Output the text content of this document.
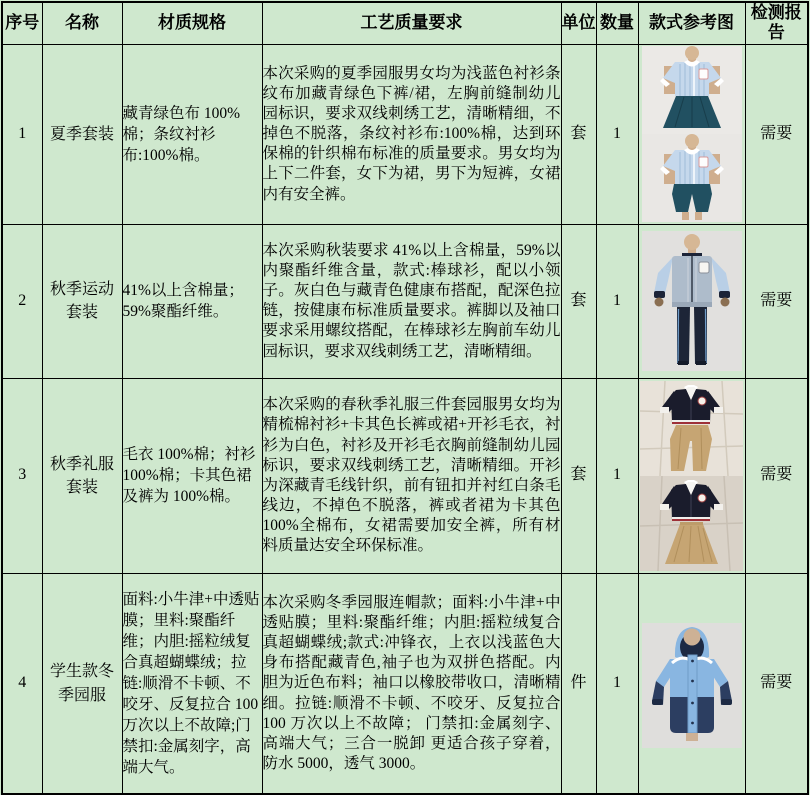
序号	名称	材质规格	工艺质量要求	单位	数量	款式参考图	检测报告
1	夏季套装	藏青绿色布 100%棉；条纹衬衫布:100%棉。	本次采购的夏季园服男女均为浅蓝色衬衫条纹布加藏青绿色下裤/裙，左胸前缝制幼儿园标识，要求双线刺绣工艺，清晰精细，不掉色不脱落，条纹衬衫布:100%棉，达到环保棉的针织棉布标准的质量要求。男女均为上下二件套，女下为裙，男下为短裤，女裙内有安全裤。	套	1		需要
2	秋季运动套装	41%以上含棉量；59%聚酯纤维。	本次采购秋装要求 41%以上含棉量，59%以内聚酯纤维含量，款式:棒球衫，配以小领子。灰白色与藏青色健康布搭配，配深色拉链，按健康布标准质量要求。裤脚以及袖口要求采用螺纹搭配，在棒球衫左胸前车幼儿园标识，要求双线刺绣工艺，清晰精细。	套	1		需要
3	秋季礼服套装	毛衣 100%棉；衬衫 100%棉；卡其色裙及裤为 100%棉。	本次采购的春秋季礼服三件套园服男女均为精梳棉衬衫+卡其色长裤或裙+开衫毛衣，衬衫为白色，衬衫及开衫毛衣胸前缝制幼儿园标识，要求双线刺绣工艺，清晰精细。开衫为深藏青毛线针织，前有钮扣并衬红白条毛线边，不掉色不脱落，裤或者裙为卡其色 100%全棉布，女裙需要加安全裤，所有材料质量达安全环保标准。	套	1		需要
4	学生款冬季园服	面料:小牛津+中透贴膜；里料:聚酯纤维；内胆:摇粒绒复合真超蝴蝶绒；拉链:顺滑不卡顿、不咬牙、反复拉合 100 万次以上不故障;门禁扣:金属刻字，高端大气。	本次采购冬季园服连帽款；面料:小牛津+中透贴膜；里料:聚酯纤维；内胆:摇粒绒复合真超蝴蝶绒;款式:冲锋衣，上衣以浅蓝色大身布搭配藏青色,袖子也为双拼色搭配。内胆为近色布料；袖口以橡胶带收口，清晰精细。拉链:顺滑不卡顿、不咬牙、反复拉合 100 万次以上不故障； 门禁扣:金属刻字、高端大气；三合一脱卸 更适合孩子穿着，防水 5000，透气 3000。	件	1		需要
